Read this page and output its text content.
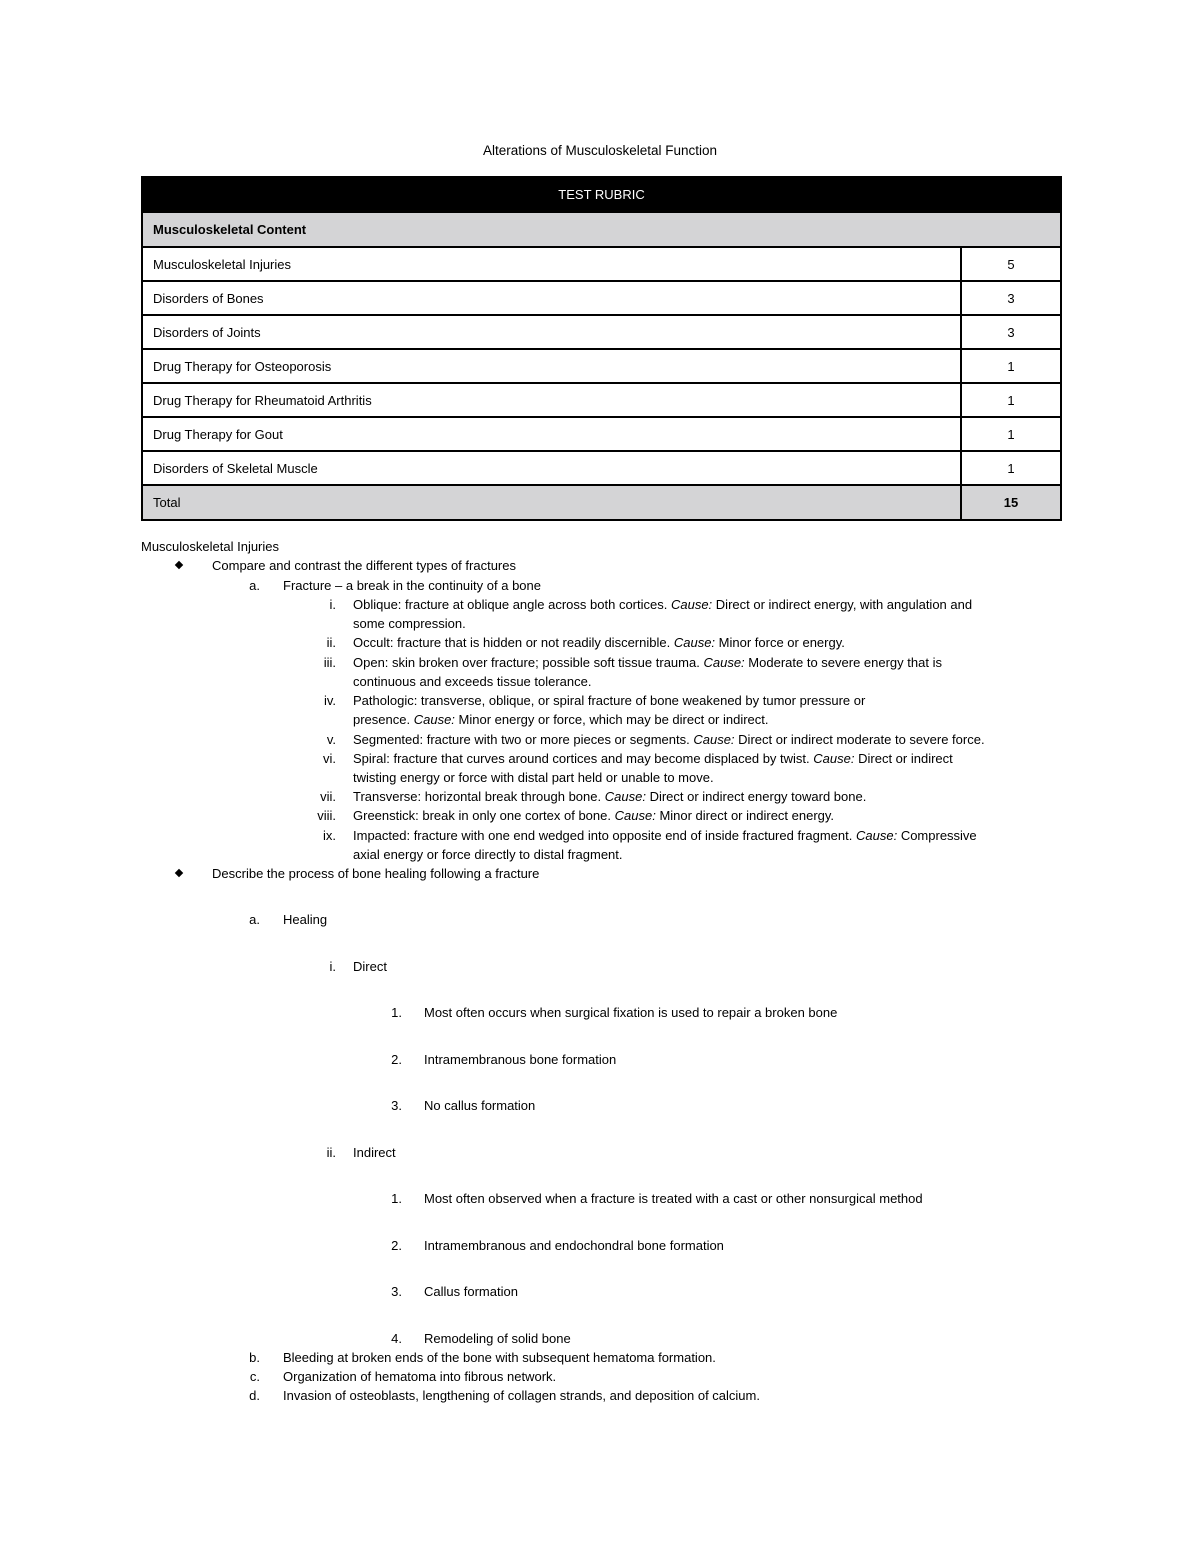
Alterations of Musculoskeletal Function
TEST RUBRIC	
Musculoskeletal Content	
Musculoskeletal Injuries	5
Disorders of Bones	3
Disorders of Joints	3
Drug Therapy for Osteoporosis	1
Drug Therapy for Rheumatoid Arthritis	1
Drug Therapy for Gout	1
Disorders of Skeletal Muscle	1
Total	15
Musculoskeletal Injuries
Compare and contrast the different types of fractures
a. Fracture – a break in the continuity of a bone
i. Oblique: fracture at oblique angle across both cortices. Cause: Direct or indirect energy, with angulation and
some compression.
ii. Occult: fracture that is hidden or not readily discernible. Cause: Minor force or energy.
iii. Open: skin broken over fracture; possible soft tissue trauma. Cause: Moderate to severe energy that is
continuous and exceeds tissue tolerance.
iv. Pathologic: transverse, oblique, or spiral fracture of bone weakened by tumor pressure or
presence. Cause: Minor energy or force, which may be direct or indirect.
v. Segmented: fracture with two or more pieces or segments. Cause: Direct or indirect moderate to severe force.
vi. Spiral: fracture that curves around cortices and may become displaced by twist. Cause: Direct or indirect
twisting energy or force with distal part held or unable to move.
vii. Transverse: horizontal break through bone. Cause: Direct or indirect energy toward bone.
viii. Greenstick: break in only one cortex of bone. Cause: Minor direct or indirect energy.
ix. Impacted: fracture with one end wedged into opposite end of inside fractured fragment. Cause: Compressive
axial energy or force directly to distal fragment.
Describe the process of bone healing following a fracture
a. Healing
i. Direct
1. Most often occurs when surgical fixation is used to repair a broken bone
2. Intramembranous bone formation
3. No callus formation
ii. Indirect
1. Most often observed when a fracture is treated with a cast or other nonsurgical method
2. Intramembranous and endochondral bone formation
3. Callus formation
4. Remodeling of solid bone
b. Bleeding at broken ends of the bone with subsequent hematoma formation.
c. Organization of hematoma into fibrous network.
d. Invasion of osteoblasts, lengthening of collagen strands, and deposition of calcium.
